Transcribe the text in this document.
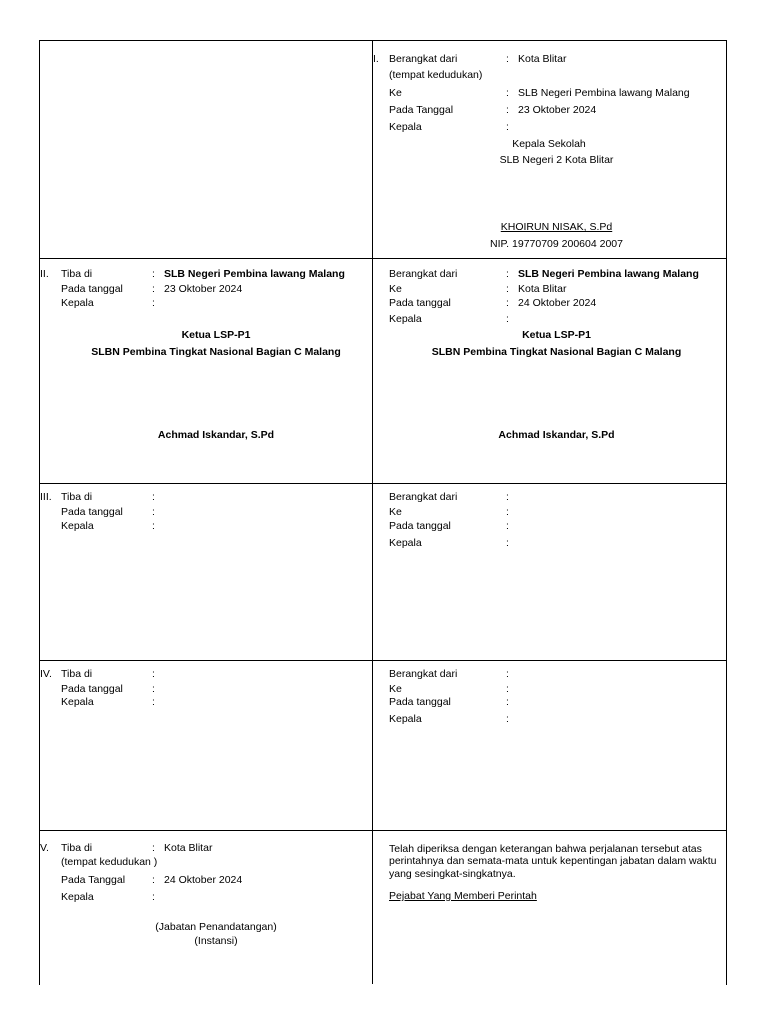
I. Berangkat dari
(tempat kedudukan)
Ke
Pada Tanggal
Kepala
:
:
:
:
Kota Blitar
SLB Negeri Pembina lawang Malang
23 Oktober 2024
Kepala Sekolah
SLB Negeri 2 Kota Blitar
KHOIRUN NISAK, S.Pd
NIP. 19770709 200604 2007
II. Tiba di
Pada tanggal
Kepala
:
:
:
SLB Negeri Pembina lawang Malang
23 Oktober 2024
Ketua LSP-P1
SLBN Pembina Tingkat Nasional Bagian C Malang
Achmad Iskandar, S.Pd
Berangkat dari
Ke
Pada tanggal
Kepala
:
:
:
:
SLB Negeri Pembina lawang Malang
Kota Blitar
24 Oktober 2024
Ketua LSP-P1
SLBN Pembina Tingkat Nasional Bagian C Malang
Achmad Iskandar, S.Pd
III. Tiba di
Pada tanggal
Kepala
:
:
:
Berangkat dari
Ke
Pada tanggal
Kepala
:
:
:
:
IV. Tiba di
Pada tanggal
Kepala
:
:
:
Berangkat dari
Ke
Pada tanggal
Kepala
:
:
:
:
V. Tiba di
(tempat kedudukan )
Pada Tanggal
Kepala
:
:
:
Kota Blitar
24 Oktober 2024
(Jabatan Penandatangan)
(Instansi)
Telah diperiksa dengan keterangan bahwa perjalanan tersebut atas
perintahnya dan semata-mata untuk kepentingan jabatan dalam waktu
yang sesingkat-singkatnya.
Pejabat Yang Memberi Perintah
